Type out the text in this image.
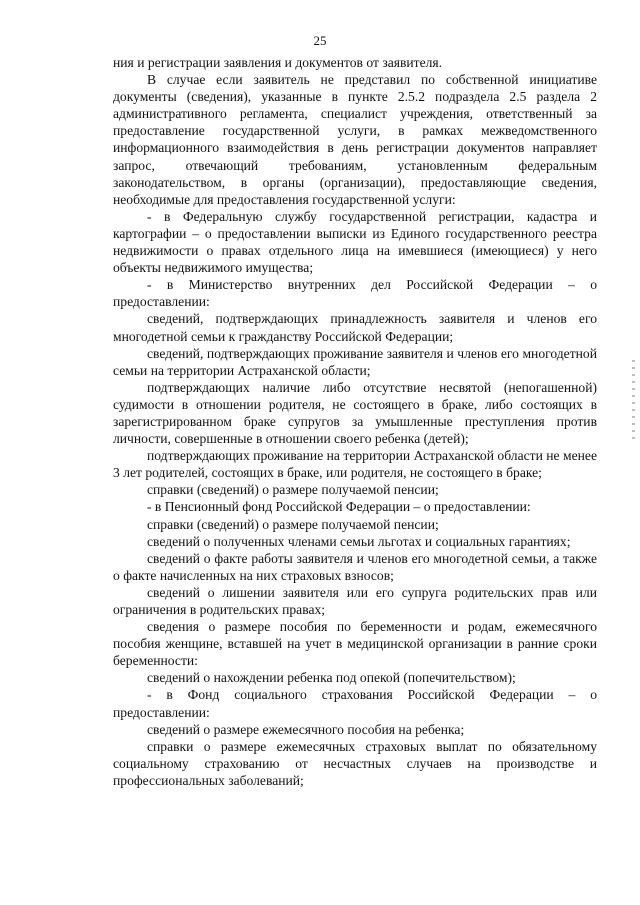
25

ния и регистрации заявления и документов от заявителя.

В случае если заявитель не представил по собственной инициативе документы (сведения), указанные в пункте 2.5.2 подраздела 2.5 раздела 2 административного регламента, специалист учреждения, ответственный за предоставление государственной услуги, в рамках межведомственного информационного взаимодействия в день регистрации документов направляет запрос, отвечающий требованиям, установленным федеральным законодательством, в органы (организации), предоставляющие сведения, необходимые для предоставления государственной услуги:

- в Федеральную службу государственной регистрации, кадастра и картографии – о предоставлении выписки из Единого государственного реестра недвижимости о правах отдельного лица на имевшиеся (имеющиеся) у него объекты недвижимого имущества;

- в Министерство внутренних дел Российской Федерации – о предоставлении:

сведений, подтверждающих принадлежность заявителя и членов его многодетной семьи к гражданству Российской Федерации;

сведений, подтверждающих проживание заявителя и членов его многодетной семьи на территории Астраханской области;

подтверждающих наличие либо отсутствие несвятой (непогашенной) судимости в отношении родителя, не состоящего в браке, либо состоящих в зарегистрированном браке супругов за умышленные преступления против личности, совершенные в отношении своего ребенка (детей);

подтверждающих проживание на территории Астраханской области не менее 3 лет родителей, состоящих в браке, или родителя, не состоящего в браке;

справки (сведений) о размере получаемой пенсии;

- в Пенсионный фонд Российской Федерации – о предоставлении:

справки (сведений) о размере получаемой пенсии;

сведений о полученных членами семьи льготах и социальных гарантиях;

сведений о факте работы заявителя и членов его многодетной семьи, а также о факте начисленных на них страховых взносов;

сведений о лишении заявителя или его супруга родительских прав или ограничения в родительских правах;

сведения о размере пособия по беременности и родам, ежемесячного пособия женщине, вставшей на учет в медицинской организации в ранние сроки беременности:

сведений о нахождении ребенка под опекой (попечительством);

- в Фонд социального страхования Российской Федерации – о предоставлении:

сведений о размере ежемесячного пособия на ребенка;

справки о размере ежемесячных страховых выплат по обязательному социальному страхованию от несчастных случаев на производстве и профессиональных заболеваний;
